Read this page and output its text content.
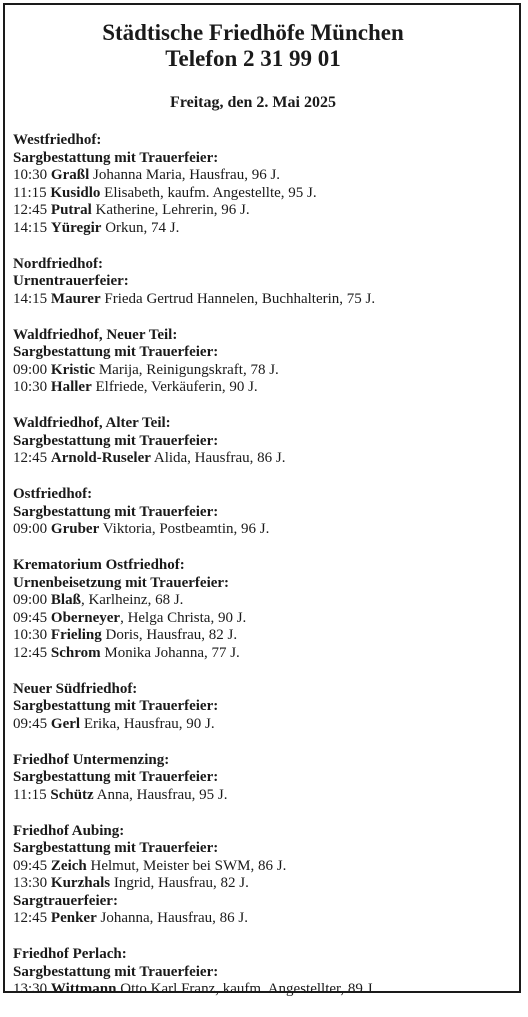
Städtische Friedhöfe München
Telefon 2 31 99 01
Freitag, den 2. Mai 2025
Westfriedhof:
Sargbestattung mit Trauerfeier:
10:30 Graßl Johanna Maria, Hausfrau, 96 J.
11:15 Kusidlo Elisabeth, kaufm. Angestellte, 95 J.
12:45 Putral Katherine, Lehrerin, 96 J.
14:15 Yüregir Orkun, 74 J.
Nordfriedhof:
Urnentrauerfeier:
14:15 Maurer Frieda Gertrud Hannelen, Buchhalterin, 75 J.
Waldfriedhof, Neuer Teil:
Sargbestattung mit Trauerfeier:
09:00 Kristic Marija, Reinigungskraft, 78 J.
10:30 Haller Elfriede, Verkäuferin, 90 J.
Waldfriedhof, Alter Teil:
Sargbestattung mit Trauerfeier:
12:45 Arnold-Ruseler Alida, Hausfrau, 86 J.
Ostfriedhof:
Sargbestattung mit Trauerfeier:
09:00 Gruber Viktoria, Postbeamtin, 96 J.
Krematorium Ostfriedhof:
Urnenbeisetzung mit Trauerfeier:
09:00 Blaß, Karlheinz, 68 J.
09:45 Oberneyer, Helga Christa, 90 J.
10:30 Frieling Doris, Hausfrau, 82 J.
12:45 Schrom Monika Johanna, 77 J.
Neuer Südfriedhof:
Sargbestattung mit Trauerfeier:
09:45 Gerl Erika, Hausfrau, 90 J.
Friedhof Untermenzing:
Sargbestattung mit Trauerfeier:
11:15 Schütz Anna, Hausfrau, 95 J.
Friedhof Aubing:
Sargbestattung mit Trauerfeier:
09:45 Zeich Helmut, Meister bei SWM, 86 J.
13:30 Kurzhals Ingrid, Hausfrau, 82 J.
Sargtrauerfeier:
12:45 Penker Johanna, Hausfrau, 86 J.
Friedhof Perlach:
Sargbestattung mit Trauerfeier:
13:30 Wittmann Otto Karl Franz, kaufm. Angestellter, 89 J.
